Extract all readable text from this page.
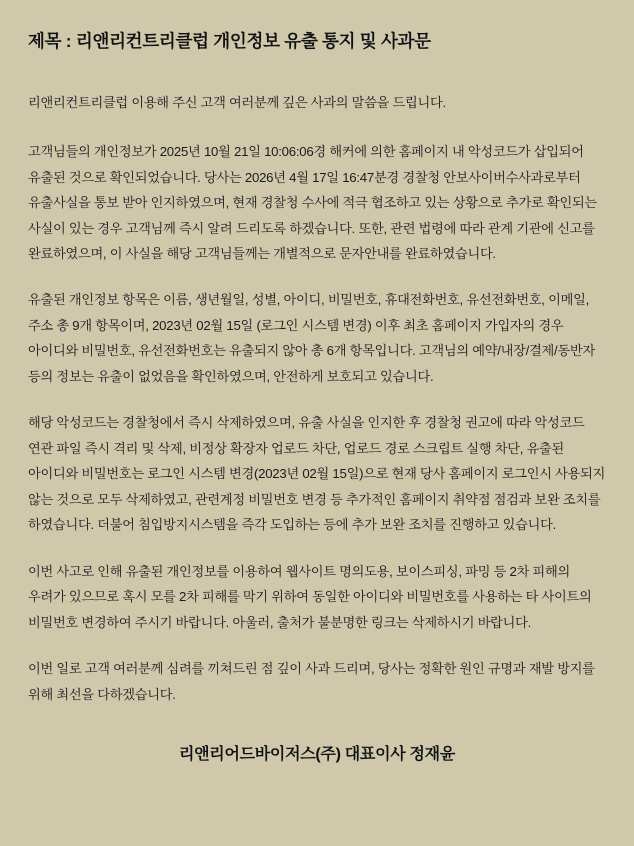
제목 : 리앤리컨트리클럽 개인정보 유출 통지 및 사과문

리앤리컨트리클럽 이용해 주신 고객 여러분께 깊은 사과의 말씀을 드립니다.

고객님들의 개인정보가 2025년 10월 21일 10:06:06경 해커에 의한 홈페이지 내 악성코드가 삽입되어 유출된 것으로 확인되었습니다. 당사는 2026년 4월 17일 16:47분경 경찰청 안보사이버수사과로부터 유출사실을 통보 받아 인지하였으며, 현재 경찰청 수사에 적극 협조하고 있는 상황으로 추가로 확인되는 사실이 있는 경우 고객님께 즉시 알려 드리도록 하겠습니다. 또한, 관련 법령에 따라 관계 기관에 신고를 완료하였으며, 이 사실을 해당 고객님들께는 개별적으로 문자안내를 완료하였습니다.

유출된 개인정보 항목은 이름, 생년월일, 성별, 아이디, 비밀번호, 휴대전화번호, 유선전화번호, 이메일, 주소 총 9개 항목이며, 2023년 02월 15일 (로그인 시스템 변경) 이후 최초 홈페이지 가입자의 경우 아이디와 비밀번호, 유선전화번호는 유출되지 않아 총 6개 항목입니다. 고객님의 예약/내장/결제/동반자 등의 정보는 유출이 없었음을 확인하였으며, 안전하게 보호되고 있습니다.

해당 악성코드는 경찰청에서 즉시 삭제하였으며, 유출 사실을 인지한 후 경찰청 권고에 따라 악성코드 연관 파일 즉시 격리 및 삭제, 비정상 확장자 업로드 차단, 업로드 경로 스크립트 실행 차단, 유출된 아이디와 비밀번호는 로그인 시스템 변경(2023년 02월 15일)으로 현재 당사 홈페이지 로그인시 사용되지 않는 것으로 모두 삭제하였고, 관련계정 비밀번호 변경 등 추가적인 홈페이지 취약점 점검과 보완 조치를 하였습니다. 더불어 침입방지시스템을 즉각 도입하는 등에 추가 보완 조치를 진행하고 있습니다.

이번 사고로 인해 유출된 개인정보를 이용하여 웹사이트 명의도용, 보이스피싱, 파밍 등 2차 피해의 우려가 있으므로 혹시 모를 2차 피해를 막기 위하여 동일한 아이디와 비밀번호를 사용하는 타 사이트의 비밀번호 변경하여 주시기 바랍니다. 아울러, 출처가 불분명한 링크는 삭제하시기 바랍니다.

이번 일로 고객 여러분께 심려를 끼쳐드린 점 깊이 사과 드리며, 당사는 정확한 원인 규명과 재발 방지를 위해 최선을 다하겠습니다.

리앤리어드바이저스(주) 대표이사 정재윤
